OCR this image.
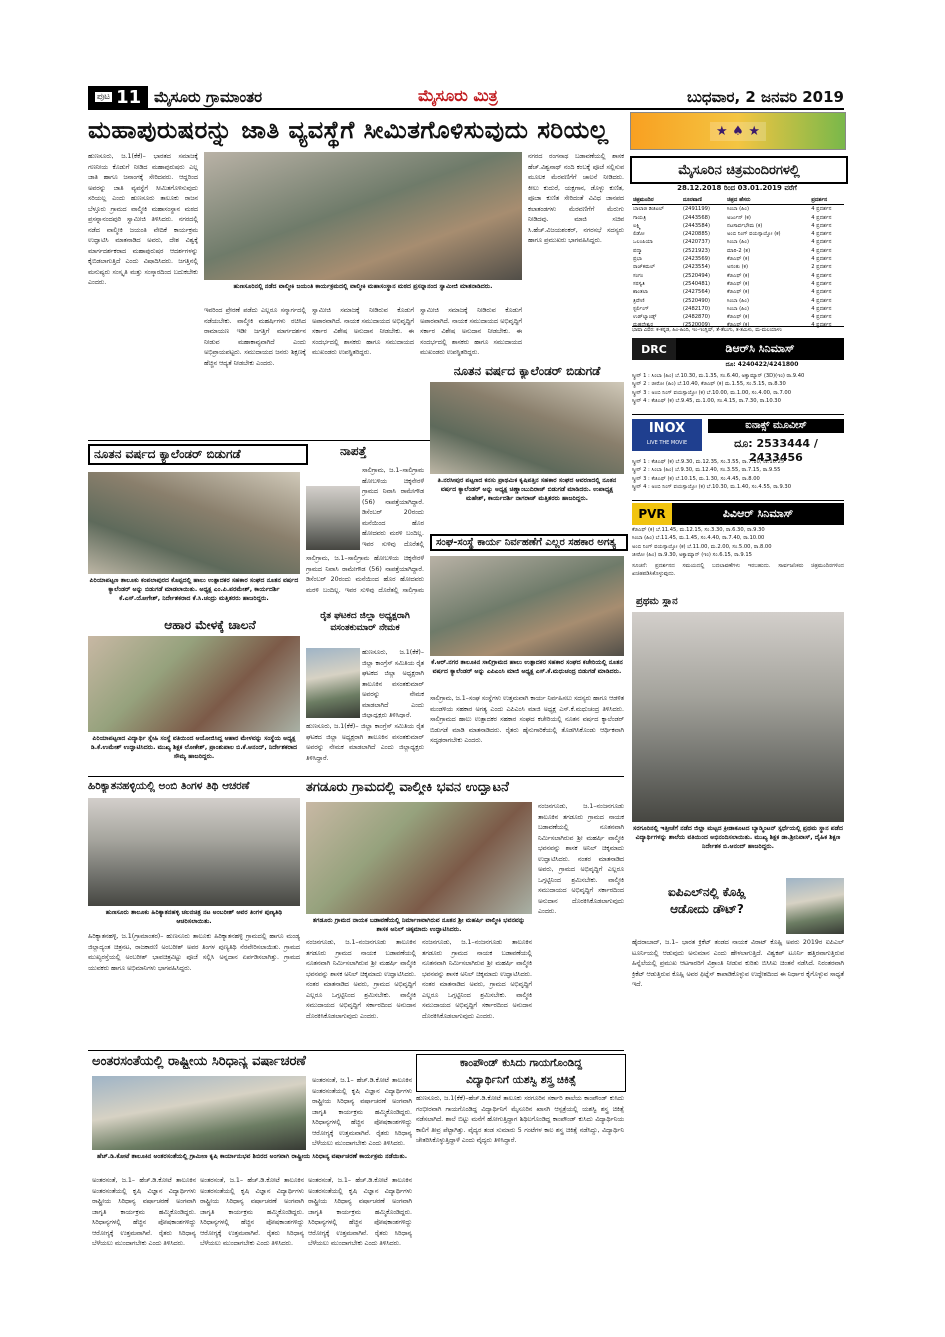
ಪುಟ 11 ಮೈಸೂರು ಗ್ರಾಮಾಂತರ	ಮೈಸೂರು ಮಿತ್ರ	ಬುಧವಾರ, 2 ಜನವರಿ 2019
ಮಹಾಪುರುಷರನ್ನು ಜಾತಿ ವ್ಯವಸ್ಥೆಗೆ ಸೀಮಿತಗೊಳಿಸುವುದು ಸರಿಯಲ್ಲ	★ ♠ ★
ಹುಣಸೂರು, ಜ.1(ಕೆಕೆ)– ಭಾರತದ ಸಮಾಜಕ್ಕೆ ಗಣನೀಯ ಕೊಡುಗೆ ನೀಡಿದ ಮಹಾಪುರುಷರು ಎಲ್ಲ ಜಾತಿ ಹಾಗೂ ಜನಾಂಗಕ್ಕೆ ಸೇರಿದವರು. ಆದ್ದರಿಂದ ಅವರನ್ನು ಜಾತಿ ವ್ಯವಸ್ಥೆಗೆ ಸೀಮಿತಗೊಳಿಸುವುದು ಸರಿಯಲ್ಲ ಎಂದು ಹುಣಸೂರು ತಾಲೂಕು ರಾಜನ ಬೆಳ್ತೂರು ಗ್ರಾಮದ ವಾಲ್ಮೀಕಿ ಮಹಾಸಂಸ್ಥಾನ ಮಠದ ಪ್ರಸನ್ನಾನಂದಪುರಿ ಸ್ವಾಮೀಜಿ ತಿಳಿಸಿದರು. ನಗರದಲ್ಲಿ ನಡೆದ ವಾಲ್ಮೀಕಿ ಜಯಂತಿ ವೇದಿಕೆ ಕಾರ್ಯಕ್ರಮ ಉದ್ಘಾಟಿಸಿ ಮಾತನಾಡಿದ ಅವರು, ದೇಶ ವಿಶ್ವಕ್ಕೆ ಮಾರ್ಗದರ್ಶಕರಾದ ಮಹಾಪುರುಷರ ಆದರ್ಶಗಳನ್ನು ಕೈಬಿಡಲಾಗುತ್ತಿದೆ ಎಂದು ವಿಷಾದಿಸಿದರು. ಜಗತ್ತಿನಲ್ಲಿ ಮನುಷ್ಯರು ಸಂಸ್ಕೃತಿ ಮತ್ತು ಸಂಸ್ಕಾರದಿಂದ ಬದುಕಬೇಕು ಎಂದರು.
ಹುಣಸೂರಿನಲ್ಲಿ ನಡೆದ ವಾಲ್ಮೀಕಿ ಜಯಂತಿ ಕಾರ್ಯಕ್ರಮದಲ್ಲಿ ವಾಲ್ಮೀಕಿ ಮಹಾಸಂಸ್ಥಾನ ಮಠದ ಪ್ರಸನ್ನಾನಂದ ಸ್ವಾಮೀಜಿ ಮಾತನಾಡಿದರು.
ಇವರಿಂದ ಪ್ರೇರಣೆ ಪಡೆದು ಎಲ್ಲರೂ ಸನ್ಮಾರ್ಗದಲ್ಲಿ ನಡೆಯಬೇಕು. ವಾಲ್ಮೀಕಿ ಮಹರ್ಷಿಗಳು ರಚಿಸಿದ ರಾಮಾಯಣ ಇಡೀ ಜಗತ್ತಿಗೆ ಮಾರ್ಗದರ್ಶನ ನೀಡುವ ಮಹಾಕಾವ್ಯವಾಗಿದೆ ಎಂದು ಅಭಿಪ್ರಾಯಪಟ್ಟರು. ಸಮುದಾಯದ ಜನರು ಶಿಕ್ಷಣಕ್ಕೆ ಹೆಚ್ಚಿನ ಆದ್ಯತೆ ನೀಡಬೇಕು ಎಂದರು.
ಸ್ವಾಮೀಜಿ ಸಮಾಜಕ್ಕೆ ನೀಡಿರುವ ಕೊಡುಗೆ ಅಪಾರವಾಗಿದೆ. ನಾಯಕ ಸಮುದಾಯದ ಅಭಿವೃದ್ಧಿಗೆ ಸರ್ಕಾರ ವಿಶೇಷ ಅನುದಾನ ನೀಡಬೇಕು. ಈ ಸಂದರ್ಭದಲ್ಲಿ ಶಾಸಕರು ಹಾಗೂ ಸಮುದಾಯದ ಮುಖಂಡರು ಉಪಸ್ಥಿತರಿದ್ದರು.
ಸ್ವಾಮೀಜಿ ಸಮಾಜಕ್ಕೆ ನೀಡಿರುವ ಕೊಡುಗೆ ಅಪಾರವಾಗಿದೆ. ನಾಯಕ ಸಮುದಾಯದ ಅಭಿವೃದ್ಧಿಗೆ ಸರ್ಕಾರ ವಿಶೇಷ ಅನುದಾನ ನೀಡಬೇಕು. ಈ ಸಂದರ್ಭದಲ್ಲಿ ಶಾಸಕರು ಹಾಗೂ ಸಮುದಾಯದ ಮುಖಂಡರು ಉಪಸ್ಥಿತರಿದ್ದರು.
ನಗರದ ರಂಗನಾಥ ಬಡಾವಣೆಯಲ್ಲಿ ಶಾಸಕ ಹೆಚ್.ವಿಶ್ವನಾಥ್ ನಂದಿ ಕಂಬಕ್ಕೆ ಪೂಜೆ ಸಲ್ಲಿಸುವ ಮೂಲಕ ಮೆರವಣಿಗೆಗೆ ಚಾಲನೆ ನೀಡಿದರು. ಕೀಲು ಕುದುರೆ, ಯಕ್ಷಗಾನ, ಡೊಳ್ಳು ಕುಣಿತ, ಪೂಜಾ ಕುಣಿತ ಸೇರಿದಂತೆ ವಿವಿಧ ಜಾನಪದ ಕಲಾತಂಡಗಳು ಮೆರವಣಿಗೆಗೆ ಮೆರುಗು ನೀಡಿದವು. ಮಾಜಿ ಸಚಿವ ಸಿ.ಹೆಚ್.ವಿಜಯಶಂಕರ್, ನಗರಸಭೆ ಸದಸ್ಯರು ಹಾಗೂ ಪ್ರಮುಖರು ಭಾಗವಹಿಸಿದ್ದರು.
ನೂತನ ವರ್ಷದ ಕ್ಯಾಲೆಂಡರ್ ಬಿಡುಗಡೆ
ಪಿರಿಯಾಪಟ್ಟಣ ತಾಲೂಕು ಕಂಪಲಾಪುರದ ಕೊಪ್ಪದಲ್ಲಿ ಹಾಲು ಉತ್ಪಾದಕರ ಸಹಕಾರ ಸಂಘದ ನೂತನ ವರ್ಷದ ಕ್ಯಾಲೆಂಡರ್ ಅನ್ನು ಬಿಡುಗಡೆ ಮಾಡಲಾಯಿತು. ಅಧ್ಯಕ್ಷ ಎಂ.ಪಿ.ಪರಮೇಶ್, ಕಾರ್ಯದರ್ಶಿ ಕೆ.ಎಸ್.ಯೋಗೇಶ್, ನಿರ್ದೇಶಕರಾದ ಕೆ.ಸಿ.ಚಂದ್ರು ಮತ್ತಿತರರು ಹಾಜರಿದ್ದರು.
ಆಹಾರ ಮೇಳಕ್ಕೆ ಚಾಲನೆ
ಪಿರಿಯಾಪಟ್ಟಣದ ವಿದ್ಯಾರ್ಥಿ ಸ್ನೇಹಿ ಸಂಸ್ಥೆ ವತಿಯಿಂದ ಆಯೋಜಿಸಿದ್ದ ಆಹಾರ ಮೇಳವನ್ನು ಸಂಸ್ಥೆಯ ಅಧ್ಯಕ್ಷ ಡಿ.ಕೆ.ಉಮೇಶ್ ಉದ್ಘಾಟಿಸಿದರು. ಮುಖ್ಯ ಶಿಕ್ಷಕ ಲೋಕೇಶ್, ಪ್ರಾಂಶುಪಾಲ ಬಿ.ಕೆ.ಆನಂದ್, ನಿರ್ದೇಶಕರಾದ ಸೌಮ್ಯ ಹಾಜರಿದ್ದರು.
ನಾಪತ್ತೆ
ಸಾಲಿಗ್ರಾಮ, ಜ.1–ಸಾಲಿಗ್ರಾಮ ಹೋಬಳಿಯ ಚಿಕ್ಕನೇರಳೆ ಗ್ರಾಮದ ನಿವಾಸಿ ರಾಮೇಗೌಡ (56) ನಾಪತ್ತೆಯಾಗಿದ್ದಾರೆ. ಡಿಸೆಂಬರ್ 20ರಂದು ಮನೆಯಿಂದ ಹೊರ ಹೋದವರು ಮರಳಿ ಬಂದಿಲ್ಲ. ಇವರ ಸುಳಿವು ದೊರೆತಲ್ಲಿ
ಸಾಲಿಗ್ರಾಮ, ಜ.1–ಸಾಲಿಗ್ರಾಮ ಹೋಬಳಿಯ ಚಿಕ್ಕನೇರಳೆ ಗ್ರಾಮದ ನಿವಾಸಿ ರಾಮೇಗೌಡ (56) ನಾಪತ್ತೆಯಾಗಿದ್ದಾರೆ. ಡಿಸೆಂಬರ್ 20ರಂದು ಮನೆಯಿಂದ ಹೊರ ಹೋದವರು ಮರಳಿ ಬಂದಿಲ್ಲ. ಇವರ ಸುಳಿವು ದೊರೆತಲ್ಲಿ ಸಾಲಿಗ್ರಾಮ
ರೈತ ಘಟಕದ ಜಿಲ್ಲಾ ಅಧ್ಯಕ್ಷರಾಗಿ ವಸಂತಕುಮಾರ್ ನೇಮಕ
ಹುಣಸೂರು, ಜ.1(ಕೆಕೆ)– ಜಿಲ್ಲಾ ಕಾಂಗ್ರೆಸ್ ಸಮಿತಿಯ ರೈತ ಘಟಕದ ಜಿಲ್ಲಾ ಅಧ್ಯಕ್ಷರಾಗಿ ತಾಲೂಕಿನ ವಸಂತಕುಮಾರ್ ಅವರನ್ನು ನೇಮಕ ಮಾಡಲಾಗಿದೆ ಎಂದು ಜಿಲ್ಲಾಧ್ಯಕ್ಷರು ತಿಳಿಸಿದ್ದಾರೆ.
ಹುಣಸೂರು, ಜ.1(ಕೆಕೆ)– ಜಿಲ್ಲಾ ಕಾಂಗ್ರೆಸ್ ಸಮಿತಿಯ ರೈತ ಘಟಕದ ಜಿಲ್ಲಾ ಅಧ್ಯಕ್ಷರಾಗಿ ತಾಲೂಕಿನ ವಸಂತಕುಮಾರ್ ಅವರನ್ನು ನೇಮಕ ಮಾಡಲಾಗಿದೆ ಎಂದು ಜಿಲ್ಲಾಧ್ಯಕ್ಷರು ತಿಳಿಸಿದ್ದಾರೆ.
ನೂತನ ವರ್ಷದ ಕ್ಯಾಲೆಂಡರ್ ಬಿಡುಗಡೆ
ತಿ.ನರಸೀಪುರ ಪಟ್ಟಣದ ಕನಸು ಪ್ರಾಥಮಿಕ ಕೃಷಿಪತ್ತಿನ ಸಹಕಾರ ಸಂಘದ ಆವರಣದಲ್ಲಿ ನೂತನ ವರ್ಷದ ಕ್ಯಾಲೆಂಡರ್ ಅನ್ನು ಅಧ್ಯಕ್ಷ ಚಿಣ್ಣಾಂಬುದಿರಾಜ್ ಬಿಡುಗಡೆ ಮಾಡಿದರು. ಉಪಾಧ್ಯಕ್ಷ ಮಹೇಶ್, ಕಾರ್ಯದರ್ಶಿ ನಾಗರಾಜ್ ಮತ್ತಿತರರು ಹಾಜರಿದ್ದರು.
ಸಂಘ-ಸಂಸ್ಥೆ ಕಾರ್ಯ ನಿರ್ವಹಣೆಗೆ ಎಲ್ಲರ ಸಹಕಾರ ಅಗತ್ಯ
ಕೆ.ಆರ್.ನಗರ ತಾಲೂಕಿನ ಸಾಲಿಗ್ರಾಮದ ಹಾಲು ಉತ್ಪಾದಕರ ಸಹಕಾರ ಸಂಘದ ಕಚೇರಿಯಲ್ಲಿ ನೂತನ ವರ್ಷದ ಕ್ಯಾಲೆಂಡರ್ ಅನ್ನು ಎಪಿಎಂಸಿ ಮಾಜಿ ಅಧ್ಯಕ್ಷ ಎಸ್.ಕೆ.ಮಧುಚಂದ್ರ ಬಿಡುಗಡೆ ಮಾಡಿದರು.
ಸಾಲಿಗ್ರಾಮ, ಜ.1–ಸಂಘ ಸಂಸ್ಥೆಗಳು ಉತ್ತಮವಾಗಿ ಕಾರ್ಯ ನಿರ್ವಹಿಸಲು ಸದಸ್ಯರು ಹಾಗೂ ಆಡಳಿತ ಮಂಡಳಿಯ ಸಹಕಾರ ಅಗತ್ಯ ಎಂದು ಎಪಿಎಂಸಿ ಮಾಜಿ ಅಧ್ಯಕ್ಷ ಎಸ್.ಕೆ.ಮಧುಚಂದ್ರ ತಿಳಿಸಿದರು. ಸಾಲಿಗ್ರಾಮದ ಹಾಲು ಉತ್ಪಾದಕರ ಸಹಕಾರ ಸಂಘದ ಕಚೇರಿಯಲ್ಲಿ ನೂತನ ವರ್ಷದ ಕ್ಯಾಲೆಂಡರ್ ಬಿಡುಗಡೆ ಮಾಡಿ ಮಾತನಾಡಿದರು. ರೈತರು ಹೈನುಗಾರಿಕೆಯಲ್ಲಿ ತೊಡಗಿಸಿಕೊಂಡು ಆರ್ಥಿಕವಾಗಿ ಸದೃಢರಾಗಬೇಕು ಎಂದರು.
ಹಿರಿಕ್ಯಾತನಹಳ್ಳಿಯಲ್ಲಿ ಅಂಬಿ ತಿಂಗಳ ತಿಥಿ ಆಚರಣೆ
ಹುಣಸೂರು ತಾಲೂಕು ಹಿರಿಕ್ಯಾತನಹಳ್ಳಿ ಚಲನಚಿತ್ರ ನಟ ಅಂಬರೀಶ್ ಅವರ ತಿಂಗಳ ಪುಣ್ಯತಿಥಿ ಆಚರಿಸಲಾಯಿತು.
ಹಿರಿಕ್ಯಾತನಹಳ್ಳಿ, ಜ.1(ಗ್ರಾಮಾಂತರ)– ಹುಣಸೂರು ತಾಲೂಕು ಹಿರಿಕ್ಯಾತನಹಳ್ಳಿ ಗ್ರಾಮದಲ್ಲಿ ಹಾಗೂ ಮಂಡ್ಯ ಜಿಲ್ಲಾದ್ಯಂತ ಚಿತ್ರನಟ, ರಾಜಕಾರಣಿ ಅಂಬರೀಶ್ ಅವರ ತಿಂಗಳ ಪುಣ್ಯತಿಥಿ ನೆರವೇರಿಸಲಾಯಿತು. ಗ್ರಾಮದ ಮುಖ್ಯರಸ್ತೆಯಲ್ಲಿ ಅಂಬರೀಶ್ ಭಾವಚಿತ್ರವಿಟ್ಟು ಪೂಜೆ ಸಲ್ಲಿಸಿ ಅನ್ನದಾನ ಏರ್ಪಡಿಸಲಾಗಿತ್ತು. ಗ್ರಾಮದ ಯುವಕರು ಹಾಗೂ ಅಭಿಮಾನಿಗಳು ಭಾಗವಹಿಸಿದ್ದರು.
ತಗಡೂರು ಗ್ರಾಮದಲ್ಲಿ ವಾಲ್ಮೀಕಿ ಭವನ ಉದ್ಘಾಟನೆ
ತಗಡೂರು ಗ್ರಾಮದ ನಾಯಕ ಬಡಾವಣೆಯಲ್ಲಿ ನಿರ್ಮಾಣವಾಗಿರುವ ನೂತನ ಶ್ರೀ ಮಹರ್ಷಿ ವಾಲ್ಮೀಕಿ ಭವನವನ್ನು ಶಾಸಕ ಅನಿಲ್ ಚಿಕ್ಕಮಾದು ಉದ್ಘಾಟಿಸಿದರು.
ನಂಜನಗೂಡು, ಜ.1–ನಂಜನಗೂಡು ತಾಲೂಕಿನ ತಗಡೂರು ಗ್ರಾಮದ ನಾಯಕ ಬಡಾವಣೆಯಲ್ಲಿ ನೂತನವಾಗಿ ನಿರ್ಮಿಸಲಾಗಿರುವ ಶ್ರೀ ಮಹರ್ಷಿ ವಾಲ್ಮೀಕಿ ಭವನವನ್ನು ಶಾಸಕ ಅನಿಲ್ ಚಿಕ್ಕಮಾದು ಉದ್ಘಾಟಿಸಿದರು. ನಂತರ ಮಾತನಾಡಿದ ಅವರು, ಗ್ರಾಮದ ಅಭಿವೃದ್ಧಿಗೆ ಎಲ್ಲರೂ ಒಗ್ಗಟ್ಟಿನಿಂದ ಶ್ರಮಿಸಬೇಕು. ವಾಲ್ಮೀಕಿ ಸಮುದಾಯದ ಅಭಿವೃದ್ಧಿಗೆ ಸರ್ಕಾರದಿಂದ ಅನುದಾನ ದೊರಕಿಸಿಕೊಡಲಾಗುವುದು ಎಂದರು.
ನಂಜನಗೂಡು, ಜ.1–ನಂಜನಗೂಡು ತಾಲೂಕಿನ ತಗಡೂರು ಗ್ರಾಮದ ನಾಯಕ ಬಡಾವಣೆಯಲ್ಲಿ ನೂತನವಾಗಿ ನಿರ್ಮಿಸಲಾಗಿರುವ ಶ್ರೀ ಮಹರ್ಷಿ ವಾಲ್ಮೀಕಿ ಭವನವನ್ನು ಶಾಸಕ ಅನಿಲ್ ಚಿಕ್ಕಮಾದು ಉದ್ಘಾಟಿಸಿದರು. ನಂತರ ಮಾತನಾಡಿದ ಅವರು, ಗ್ರಾಮದ ಅಭಿವೃದ್ಧಿಗೆ ಎಲ್ಲರೂ ಒಗ್ಗಟ್ಟಿನಿಂದ ಶ್ರಮಿಸಬೇಕು. ವಾಲ್ಮೀಕಿ ಸಮುದಾಯದ ಅಭಿವೃದ್ಧಿಗೆ ಸರ್ಕಾರದಿಂದ ಅನುದಾನ ದೊರಕಿಸಿಕೊಡಲಾಗುವುದು ಎಂದರು.
ನಂಜನಗೂಡು, ಜ.1–ನಂಜನಗೂಡು ತಾಲೂಕಿನ ತಗಡೂರು ಗ್ರಾಮದ ನಾಯಕ ಬಡಾವಣೆಯಲ್ಲಿ ನೂತನವಾಗಿ ನಿರ್ಮಿಸಲಾಗಿರುವ ಶ್ರೀ ಮಹರ್ಷಿ ವಾಲ್ಮೀಕಿ ಭವನವನ್ನು ಶಾಸಕ ಅನಿಲ್ ಚಿಕ್ಕಮಾದು ಉದ್ಘಾಟಿಸಿದರು. ನಂತರ ಮಾತನಾಡಿದ ಅವರು, ಗ್ರಾಮದ ಅಭಿವೃದ್ಧಿಗೆ ಎಲ್ಲರೂ ಒಗ್ಗಟ್ಟಿನಿಂದ ಶ್ರಮಿಸಬೇಕು. ವಾಲ್ಮೀಕಿ ಸಮುದಾಯದ ಅಭಿವೃದ್ಧಿಗೆ ಸರ್ಕಾರದಿಂದ ಅನುದಾನ ದೊರಕಿಸಿಕೊಡಲಾಗುವುದು ಎಂದರು.
ಅಂತರಸಂತೆಯಲ್ಲಿ ರಾಷ್ಟ್ರೀಯ ಸಿರಿಧಾನ್ಯ ವರ್ಷಾಚರಣೆ
ಅಂತರಸಂತೆ, ಜ.1– ಹೆಚ್.ಡಿ.ಕೋಟೆ ತಾಲೂಕಿನ ಅಂತರಸಂತೆಯಲ್ಲಿ ಕೃಷಿ ವಿಜ್ಞಾನ ವಿದ್ಯಾರ್ಥಿಗಳು ರಾಷ್ಟ್ರೀಯ ಸಿರಿಧಾನ್ಯ ವರ್ಷಾಚರಣೆ ಅಂಗವಾಗಿ ಜಾಗೃತಿ ಕಾರ್ಯಕ್ರಮ ಹಮ್ಮಿಕೊಂಡಿದ್ದರು. ಸಿರಿಧಾನ್ಯಗಳಲ್ಲಿ ಹೆಚ್ಚಿನ ಪೋಷಕಾಂಶಗಳಿದ್ದು ಆರೋಗ್ಯಕ್ಕೆ ಉತ್ತಮವಾಗಿವೆ. ರೈತರು ಸಿರಿಧಾನ್ಯ ಬೆಳೆಯಲು ಮುಂದಾಗಬೇಕು ಎಂದು ತಿಳಿಸಿದರು.
ಹೆಚ್.ಡಿ.ಕೋಟೆ ತಾಲೂಕಿನ ಅಂತರಸಂತೆಯಲ್ಲಿ ಗ್ರಾಮೀಣ ಕೃಷಿ ಕಾರ್ಯಾನುಭವ ಶಿಬಿರದ ಅಂಗವಾಗಿ ರಾಷ್ಟ್ರೀಯ ಸಿರಿಧಾನ್ಯ ವರ್ಷಾಚರಣೆ ಕಾರ್ಯಕ್ರಮ ನಡೆಯಿತು.
ಅಂತರಸಂತೆ, ಜ.1– ಹೆಚ್.ಡಿ.ಕೋಟೆ ತಾಲೂಕಿನ ಅಂತರಸಂತೆಯಲ್ಲಿ ಕೃಷಿ ವಿಜ್ಞಾನ ವಿದ್ಯಾರ್ಥಿಗಳು ರಾಷ್ಟ್ರೀಯ ಸಿರಿಧಾನ್ಯ ವರ್ಷಾಚರಣೆ ಅಂಗವಾಗಿ ಜಾಗೃತಿ ಕಾರ್ಯಕ್ರಮ ಹಮ್ಮಿಕೊಂಡಿದ್ದರು. ಸಿರಿಧಾನ್ಯಗಳಲ್ಲಿ ಹೆಚ್ಚಿನ ಪೋಷಕಾಂಶಗಳಿದ್ದು ಆರೋಗ್ಯಕ್ಕೆ ಉತ್ತಮವಾಗಿವೆ. ರೈತರು ಸಿರಿಧಾನ್ಯ ಬೆಳೆಯಲು ಮುಂದಾಗಬೇಕು ಎಂದು ತಿಳಿಸಿದರು.
ಅಂತರಸಂತೆ, ಜ.1– ಹೆಚ್.ಡಿ.ಕೋಟೆ ತಾಲೂಕಿನ ಅಂತರಸಂತೆಯಲ್ಲಿ ಕೃಷಿ ವಿಜ್ಞಾನ ವಿದ್ಯಾರ್ಥಿಗಳು ರಾಷ್ಟ್ರೀಯ ಸಿರಿಧಾನ್ಯ ವರ್ಷಾಚರಣೆ ಅಂಗವಾಗಿ ಜಾಗೃತಿ ಕಾರ್ಯಕ್ರಮ ಹಮ್ಮಿಕೊಂಡಿದ್ದರು. ಸಿರಿಧಾನ್ಯಗಳಲ್ಲಿ ಹೆಚ್ಚಿನ ಪೋಷಕಾಂಶಗಳಿದ್ದು ಆರೋಗ್ಯಕ್ಕೆ ಉತ್ತಮವಾಗಿವೆ. ರೈತರು ಸಿರಿಧಾನ್ಯ ಬೆಳೆಯಲು ಮುಂದಾಗಬೇಕು ಎಂದು ತಿಳಿಸಿದರು.
ಅಂತರಸಂತೆ, ಜ.1– ಹೆಚ್.ಡಿ.ಕೋಟೆ ತಾಲೂಕಿನ ಅಂತರಸಂತೆಯಲ್ಲಿ ಕೃಷಿ ವಿಜ್ಞಾನ ವಿದ್ಯಾರ್ಥಿಗಳು ರಾಷ್ಟ್ರೀಯ ಸಿರಿಧಾನ್ಯ ವರ್ಷಾಚರಣೆ ಅಂಗವಾಗಿ ಜಾಗೃತಿ ಕಾರ್ಯಕ್ರಮ ಹಮ್ಮಿಕೊಂಡಿದ್ದರು. ಸಿರಿಧಾನ್ಯಗಳಲ್ಲಿ ಹೆಚ್ಚಿನ ಪೋಷಕಾಂಶಗಳಿದ್ದು ಆರೋಗ್ಯಕ್ಕೆ ಉತ್ತಮವಾಗಿವೆ. ರೈತರು ಸಿರಿಧಾನ್ಯ ಬೆಳೆಯಲು ಮುಂದಾಗಬೇಕು ಎಂದು ತಿಳಿಸಿದರು.
ಕಾಂಪೌಂಡ್ ಕುಸಿದು ಗಾಯಗೊಂಡಿದ್ದ
ವಿದ್ಯಾರ್ಥಿನಿಗೆ ಯಶಸ್ವಿ ಶಸ್ತ್ರ ಚಿಕಿತ್ಸೆ
ಹುಣಸೂರು, ಜ.1(ಕೆಕೆ)–ಹೆಚ್.ಡಿ.ಕೋಟೆ ತಾಲೂಕು ಸರಗೂರಿನ ಸರ್ಕಾರಿ ಶಾಲೆಯ ಕಾಂಪೌಂಡ್ ಕುಸಿದು ಗಂಭೀರವಾಗಿ ಗಾಯಗೊಂಡಿದ್ದ ವಿದ್ಯಾರ್ಥಿನಿಗೆ ಮೈಸೂರಿನ ಖಾಸಗಿ ಆಸ್ಪತ್ರೆಯಲ್ಲಿ ಯಶಸ್ವಿ ಶಸ್ತ್ರ ಚಿಕಿತ್ಸೆ ನಡೆಸಲಾಗಿದೆ. ಶಾಲೆ ಬಿಟ್ಟು ಮನೆಗೆ ಹೋಗುತ್ತಿದ್ದಾಗ ಶಿಥಿಲಗೊಂಡಿದ್ದ ಕಾಂಪೌಂಡ್ ಕುಸಿದು ವಿದ್ಯಾರ್ಥಿನಿಯ ಕಾಲಿಗೆ ತೀವ್ರ ಪೆಟ್ಟಾಗಿತ್ತು. ವೈದ್ಯರ ತಂಡ ಸುಮಾರು 5 ಗಂಟೆಗಳ ಕಾಲ ಶಸ್ತ್ರ ಚಿಕಿತ್ಸೆ ನಡೆಸಿದ್ದು, ವಿದ್ಯಾರ್ಥಿನಿ ಚೇತರಿಸಿಕೊಳ್ಳುತ್ತಿದ್ದಾಳೆ ಎಂದು ವೈದ್ಯರು ತಿಳಿಸಿದ್ದಾರೆ.
ಮೈಸೂರಿನ ಚಿತ್ರಮಂದಿರಗಳಲ್ಲಿ
28.12.2018 ರಿಂದ 03.01.2019 ವರೆಗೆ
ಚಿತ್ರಮಂದಿರ	ದೂರವಾಣಿ	ಚಿತ್ರದ ಹೆಸರು	ಪ್ರದರ್ಶನ
ಬಾಲಾಜಿ ಡಿಜಿಟಲ್	(2491199)	ಸಿಂಬಾ (ಹಿಂ)	4 ಪ್ರದರ್ಶನ
ಗಾಯತ್ರಿ	(2443568)	ಅರ್ಜುನ್ (ಕ)	4 ಪ್ರದರ್ಶನ
ಲಕ್ಷ್ಮಿ	(2443584)	ನಟಸಾರ್ವಭೌಮ (ಕ)	4 ಪ್ರದರ್ಶನ
ಲಿಡೋ	(2420885)	ಅಂಬಿ ನಿಂಗ್ ವಯಸ್ಸಾಯ್ತೋ (ಕ)	4 ಪ್ರದರ್ಶನ
ಒಲಂಪಿಯಾ	(2420737)	ಸಿಂಬಾ (ಹಿಂ)	4 ಪ್ರದರ್ಶನ
ಪದ್ಮಾ	(2521923)	ಮಾರಿ-2 (ತ)	4 ಪ್ರದರ್ಶನ
ಪ್ರಭಾ	(2423569)	ಕೆಜಿಎಫ್ (ಕ)	4 ಪ್ರದರ್ಶನ
ರಾಜ್‌ಕಮಲ್	(2423554)	ಅನಂತು (ಕ)	2 ಪ್ರದರ್ಶನ
ಸಂಗಂ	(2520494)	ಕೆಜಿಎಫ್ (ಕ)	4 ಪ್ರದರ್ಶನ
ಸರಸ್ವತಿ	(2540481)	ಕೆಜಿಎಫ್ (ಕ)	4 ಪ್ರದರ್ಶನ
ಶಾಂತಲಾ	(2427564)	ಕೆಜಿಎಫ್ (ಕ)	4 ಪ್ರದರ್ಶನ
ತ್ರಿವೇಣಿ	(2520490)	ಸಿಂಬಾ (ಹಿಂ)	4 ಪ್ರದರ್ಶನ
ಸ್ಟರ್ಲಿಂಗ್	(2482170)	ಸಿಂಬಾ (ಹಿಂ)	4 ಪ್ರದರ್ಶನ
ಉಡ್‌ಲ್ಯಾಂಡ್ಸ್	(2482870)	ಕೆಜಿಎಫ್ (ಕ)	4 ಪ್ರದರ್ಶನ
ಮಹದೇಶ್ವರ	(2520009)	ಕೆಜಿಎಫ್ (ಕ)	4 ಪ್ರದರ್ಶನ
ಭಾಷಾ ವಿವರ: ಕ-ಕನ್ನಡ, ಹಿಂ-ಹಿಂದಿ, ಇಂ-ಇಂಗ್ಲಿಷ್, ತೆ-ತೆಲುಗು, ತ-ತಮಿಳು, ಮ-ಮಲಯಾಳಂ
DRC	ಡಿಆರ್‌ಸಿ ಸಿನಿಮಾಸ್
ದೂ: 4240422/4241800
ಸ್ಕ್ರೀನ್ 1 : ಸಿಂಬಾ (ಹಿಂ) ಬೆ.10.30, ಮ.1.35, ಸಂ.6.40, ಅಕ್ವಾಮ್ಯಾನ್ (3D)(ಇಂ) ರಾ.9.40
ಸ್ಕ್ರೀನ್ 2 : ಜೀರೋ (ಹಿಂ) ಬೆ.10.40, ಕೆಜಿಎಫ್ (ಕ) ಮ.1.55, ಸಂ.5.15, ರಾ.8.30
ಸ್ಕ್ರೀನ್ 3 : ಅಂಬಿ ನಿಂಗ್ ವಯಸ್ಸಾಯ್ತೋ (ಕ) ಬೆ.10.00, ಮ.1.00, ಸಂ.4.00, ರಾ.7.00
ಸ್ಕ್ರೀನ್ 4 : ಕೆಜಿಎಫ್ (ಕ) ಬೆ.9.45, ಮ.1.00, ಸಂ.4.15, ರಾ.7.30, ರಾ.10.30
INOX
LIVE THE MOVIE
ಐನಾಕ್ಸ್ ಮೂವೀಸ್
ದೂ: 2533444 / 2433456
ಸ್ಕ್ರೀನ್ 1 : ಕೆಜಿಎಫ್ (ಕ) ಬೆ.9.30, ಮ.12.35, ಸಂ.3.55, ರಾ.7.10, ರಾ.10.25
ಸ್ಕ್ರೀನ್ 2 : ಸಿಂಬಾ (ಹಿಂ) ಬೆ.9.30, ಮ.12.40, ಸಂ.3.55, ರಾ.7.15, ರಾ.9.55
ಸ್ಕ್ರೀನ್ 3 : ಕೆಜಿಎಫ್ (ಕ) ಬೆ.10.15, ಮ.1.30, ಸಂ.4.45, ರಾ.8.00
ಸ್ಕ್ರೀನ್ 4 : ಅಂಬಿ ನಿಂಗ್ ವಯಸ್ಸಾಯ್ತೋ (ಕ) ಬೆ.10.30, ಮ.1.40, ಸಂ.4.55, ರಾ.9.30
PVR	ಪಿವಿಆರ್ ಸಿನಿಮಾಸ್
ಕೆಜಿಎಫ್ (ಕ) ಬೆ.11.45, ಮ.12.15, ಸಂ.3.30, ರಾ.6.30, ರಾ.9.30
ಸಿಂಬಾ (ಹಿಂ) ಬೆ.11.45, ಮ.1.45, ಸಂ.4.40, ರಾ.7.40, ರಾ.10.00
ಅಂಬಿ ನಿಂಗ್ ವಯಸ್ಸಾಯ್ತೋ (ಕ) ಬೆ.11.00, ಮ.2.00, ಸಂ.5.00, ರಾ.8.00
ಜೀರೋ (ಹಿಂ) ರಾ.9.30, ಅಕ್ವಾಮ್ಯಾನ್ (ಇಂ) ಸಂ.6.15, ರಾ.9.15
ಸೂಚನೆ: ಪ್ರದರ್ಶನದ ಸಮಯದಲ್ಲಿ ಬದಲಾವಣೆಗಳು ಇರಬಹುದು. ಸಾರ್ವಜನಿಕರು ಚಿತ್ರಮಂದಿರಗಳಿಂದ ಖಚಿತಪಡಿಸಿಕೊಳ್ಳುವುದು.
ಪ್ರಥಮ ಸ್ಥಾನ
ಸರಗೂರಿನಲ್ಲಿ ಇತ್ತೀಚೆಗೆ ನಡೆದ ಜಿಲ್ಲಾ ಮಟ್ಟದ ಕ್ರೀಡಾಕೂಟದ ಬ್ಯಾಡ್ಮಿಂಟನ್ ಸ್ಪರ್ಧೆಯಲ್ಲಿ ಪ್ರಥಮ ಸ್ಥಾನ ಪಡೆದ ವಿದ್ಯಾರ್ಥಿಗಳನ್ನು ಶಾಲೆಯ ವತಿಯಿಂದ ಅಭಿನಂದಿಸಲಾಯಿತು. ಮುಖ್ಯ ಶಿಕ್ಷಕ ಡಾ.ಶ್ರೀನಿವಾಸ್, ದೈಹಿಕ ಶಿಕ್ಷಣ ನಿರ್ದೇಶಕ ಬಿ.ಆನಂದ್ ಹಾಜರಿದ್ದರು.
ಐಪಿಎಲ್‌ನಲ್ಲಿ ಕೊಹ್ಲಿ
ಆಡೋದು ಡೌಟ್?
ಹೈದರಾಬಾದ್, ಜ.1– ಭಾರತ ಕ್ರಿಕೆಟ್ ತಂಡದ ನಾಯಕ ವಿರಾಟ್ ಕೊಹ್ಲಿ ಅವರು 2019ರ ಐಪಿಎಲ್ ಟೂರ್ನಿಯಲ್ಲಿ ಆಡುವುದು ಅನುಮಾನ ಎಂದು ಹೇಳಲಾಗುತ್ತಿದೆ. ವಿಶ್ವಕಪ್ ಟೂರ್ನಿ ಹತ್ತಿರವಾಗುತ್ತಿರುವ ಹಿನ್ನೆಲೆಯಲ್ಲಿ ಪ್ರಮುಖ ಆಟಗಾರರಿಗೆ ವಿಶ್ರಾಂತಿ ನೀಡುವ ಕುರಿತು ಬಿಸಿಸಿಐ ಚಿಂತನೆ ನಡೆಸಿದೆ. ನಿರಂತರವಾಗಿ ಕ್ರಿಕೆಟ್ ಆಡುತ್ತಿರುವ ಕೊಹ್ಲಿ ಅವರ ಫಿಟ್ನೆಸ್ ಕಾಪಾಡಿಕೊಳ್ಳುವ ಉದ್ದೇಶದಿಂದ ಈ ನಿರ್ಧಾರ ಕೈಗೊಳ್ಳುವ ಸಾಧ್ಯತೆ ಇದೆ.
